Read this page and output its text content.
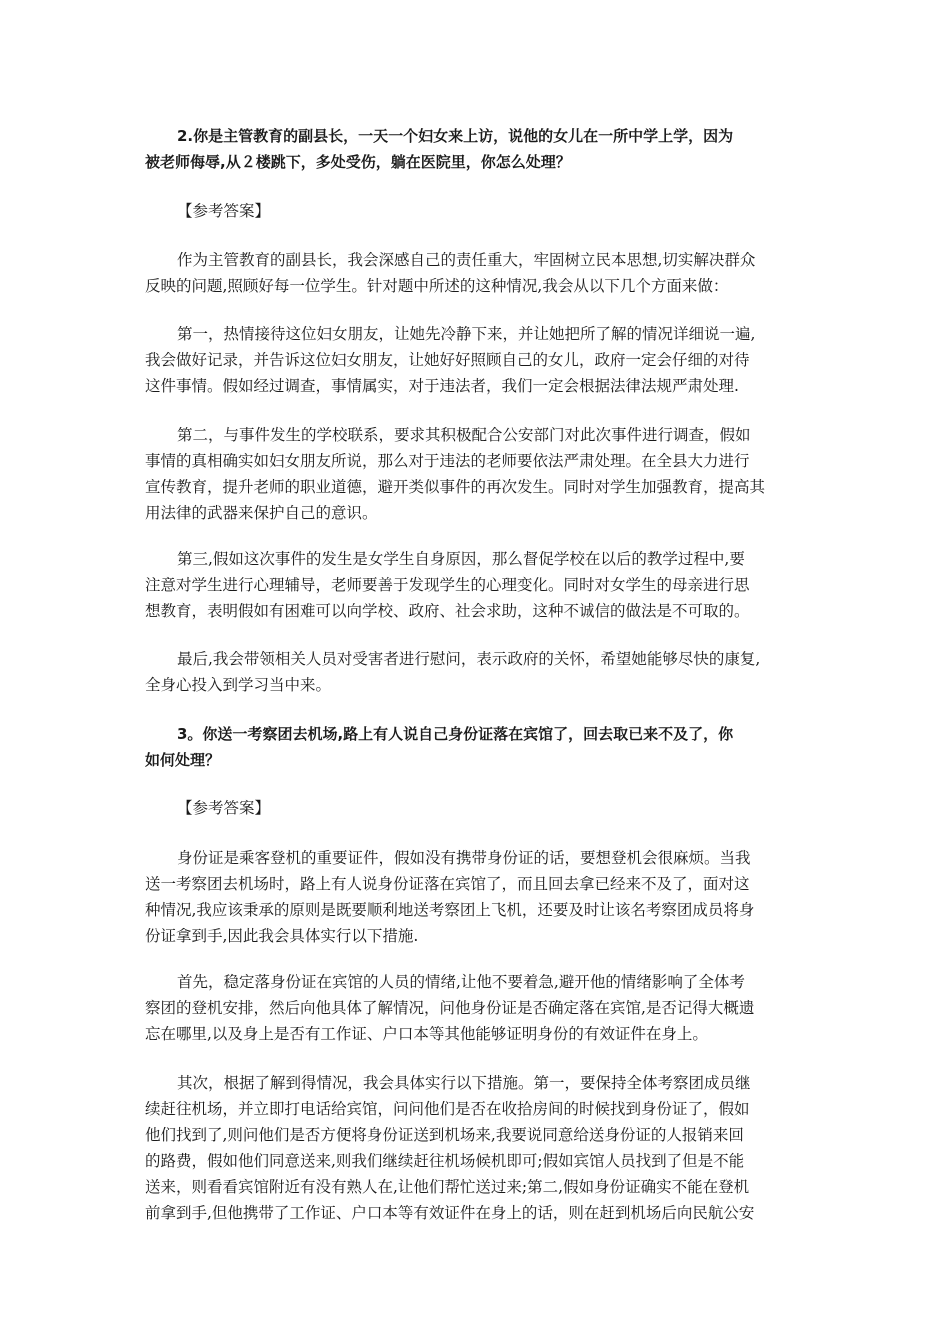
2.你是主管教育的副县长，一天一个妇女来上访，说他的女儿在一所中学上学，因为
被老师侮辱,从２楼跳下，多处受伤，躺在医院里，你怎么处理？

【参考答案】

作为主管教育的副县长，我会深感自己的责任重大，牢固树立民本思想,切实解决群众
反映的问题,照顾好每一位学生。针对题中所述的这种情况,我会从以下几个方面来做：

第一，热情接待这位妇女朋友，让她先冷静下来，并让她把所了解的情况详细说一遍,
我会做好记录，并告诉这位妇女朋友，让她好好照顾自己的女儿，政府一定会仔细的对待
这件事情。假如经过调查，事情属实，对于违法者，我们一定会根据法律法规严肃处理.

第二，与事件发生的学校联系，要求其积极配合公安部门对此次事件进行调查，假如
事情的真相确实如妇女朋友所说，那么对于违法的老师要依法严肃处理。在全县大力进行
宣传教育，提升老师的职业道德，避开类似事件的再次发生。同时对学生加强教育，提高其
用法律的武器来保护自己的意识。

第三,假如这次事件的发生是女学生自身原因，那么督促学校在以后的教学过程中,要
注意对学生进行心理辅导，老师要善于发现学生的心理变化。同时对女学生的母亲进行思
想教育，表明假如有困难可以向学校、政府、社会求助，这种不诚信的做法是不可取的。

最后,我会带领相关人员对受害者进行慰问，表示政府的关怀，希望她能够尽快的康复,
全身心投入到学习当中来。

3。你送一考察团去机场,路上有人说自己身份证落在宾馆了，回去取已来不及了，你
如何处理？

【参考答案】

身份证是乘客登机的重要证件，假如没有携带身份证的话，要想登机会很麻烦。当我
送一考察团去机场时，路上有人说身份证落在宾馆了，而且回去拿已经来不及了，面对这
种情况,我应该秉承的原则是既要顺利地送考察团上飞机，还要及时让该名考察团成员将身
份证拿到手,因此我会具体实行以下措施.

首先，稳定落身份证在宾馆的人员的情绪,让他不要着急,避开他的情绪影响了全体考
察团的登机安排，然后向他具体了解情况，问他身份证是否确定落在宾馆,是否记得大概遗
忘在哪里,以及身上是否有工作证、户口本等其他能够证明身份的有效证件在身上。

其次，根据了解到得情况，我会具体实行以下措施。第一，要保持全体考察团成员继
续赶往机场，并立即打电话给宾馆，问问他们是否在收拾房间的时候找到身份证了，假如
他们找到了,则问他们是否方便将身份证送到机场来,我要说同意给送身份证的人报销来回
的路费，假如他们同意送来,则我们继续赶往机场候机即可;假如宾馆人员找到了但是不能
送来，则看看宾馆附近有没有熟人在,让他们帮忙送过来;第二,假如身份证确实不能在登机
前拿到手,但他携带了工作证、户口本等有效证件在身上的话，则在赶到机场后向民航公安
